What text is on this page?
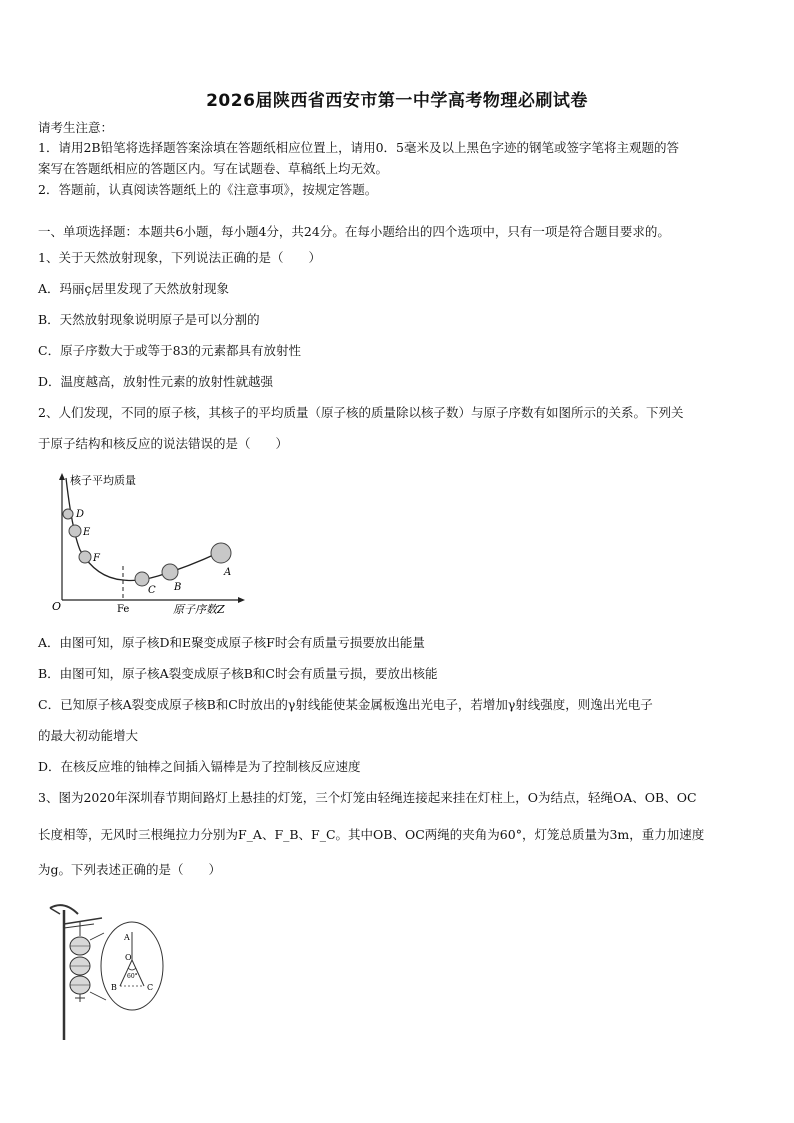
2026届陕西省西安市第一中学高考物理必刷试卷
请考生注意：
1．请用2B铅笔将选择题答案涂填在答题纸相应位置上，请用0．5毫米及以上黑色字迹的钢笔或签字笔将主观题的答
案写在答题纸相应的答题区内。写在试题卷、草稿纸上均无效。
2．答题前，认真阅读答题纸上的《注意事项》，按规定答题。
一、单项选择题：本题共6小题，每小题4分，共24分。在每小题给出的四个选项中，只有一项是符合题目要求的。
1、关于天然放射现象，下列说法正确的是（　　）
A．玛丽ç居里发现了天然放射现象
B．天然放射现象说明原子是可以分割的
C．原子序数大于或等于83的元素都具有放射性
D．温度越高，放射性元素的放射性就越强
2、人们发现，不同的原子核，其核子的平均质量（原子核的质量除以核子数）与原子序数有如图所示的关系。下列关
于原子结构和核反应的说法错误的是（　　）
核子平均质量
原子序数Z
O	Fe
D
E
F
C B
A
A．由图可知，原子核D和E聚变成原子核F时会有质量亏损要放出能量
B．由图可知，原子核A裂变成原子核B和C时会有质量亏损，要放出核能
C．已知原子核A裂变成原子核B和C时放出的γ射线能使某金属板逸出光电子，若增加γ射线强度，则逸出光电子
的最大初动能增大
D．在核反应堆的铀棒之间插入镉棒是为了控制核反应速度
3、图为2020年深圳春节期间路灯上悬挂的灯笼，三个灯笼由轻绳连接起来挂在灯柱上，O为结点，轻绳OA、OB、OC
长度相等，无风时三根绳拉力分别为F_A、F_B、F_C。其中OB、OC两绳的夹角为60°，灯笼总质量为3m，重力加速度
为g。下列表述正确的是（　　）
A
O
60°
B	C
